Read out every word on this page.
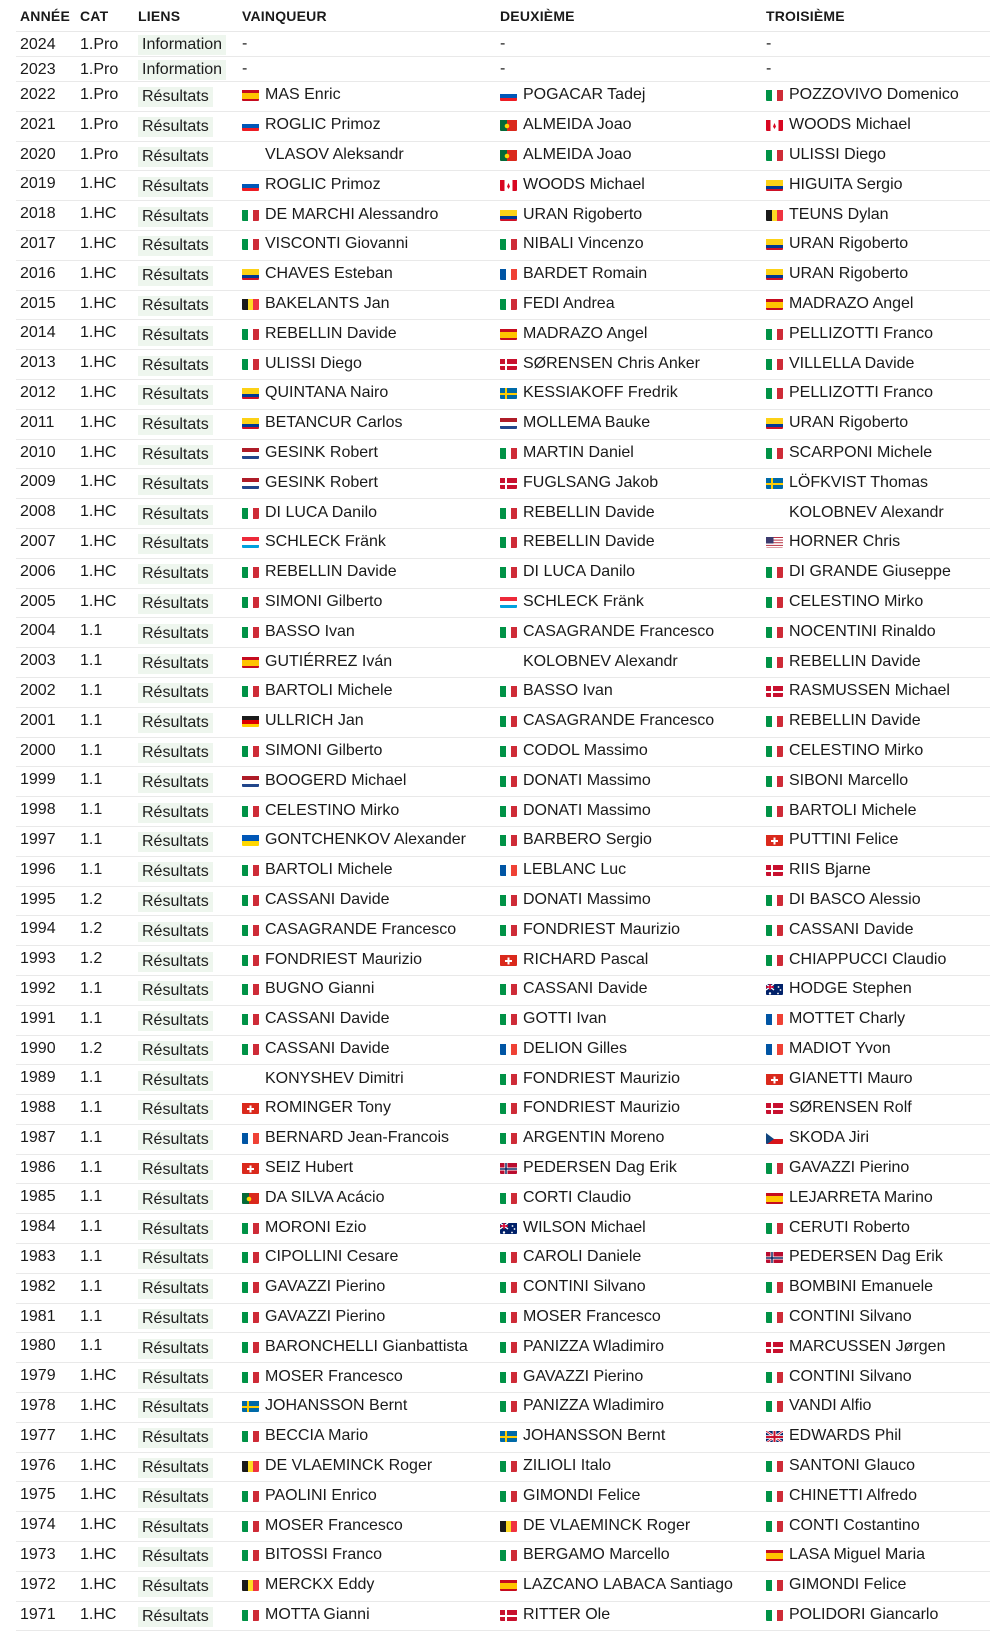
ANNÉE	CAT	LIENS	VAINQUEUR	DEUXIÈME	TROISIÈME
2024	1.Pro	Information	-	-	-

2023	1.Pro	Information	-	-	-

2022	1.Pro	Résultats	MAS Enric	POGACAR Tadej	POZZOVIVO Domenico

2021	1.Pro	Résultats	ROGLIC Primoz	ALMEIDA Joao	WOODS Michael

2020	1.Pro	Résultats	VLASOV Aleksandr	ALMEIDA Joao	ULISSI Diego

2019	1.HC	Résultats	ROGLIC Primoz	WOODS Michael	HIGUITA Sergio

2018	1.HC	Résultats	DE MARCHI Alessandro	URAN Rigoberto	TEUNS Dylan

2017	1.HC	Résultats	VISCONTI Giovanni	NIBALI Vincenzo	URAN Rigoberto

2016	1.HC	Résultats	CHAVES Esteban	BARDET Romain	URAN Rigoberto

2015	1.HC	Résultats	BAKELANTS Jan	FEDI Andrea	MADRAZO Angel

2014	1.HC	Résultats	REBELLIN Davide	MADRAZO Angel	PELLIZOTTI Franco

2013	1.HC	Résultats	ULISSI Diego	SØRENSEN Chris Anker	VILLELLA Davide

2012	1.HC	Résultats	QUINTANA Nairo	KESSIAKOFF Fredrik	PELLIZOTTI Franco

2011	1.HC	Résultats	BETANCUR Carlos	MOLLEMA Bauke	URAN Rigoberto

2010	1.HC	Résultats	GESINK Robert	MARTIN Daniel	SCARPONI Michele

2009	1.HC	Résultats	GESINK Robert	FUGLSANG Jakob	LÖFKVIST Thomas

2008	1.HC	Résultats	DI LUCA Danilo	REBELLIN Davide	KOLOBNEV Alexandr

2007	1.HC	Résultats	SCHLECK Fränk	REBELLIN Davide	HORNER Chris

2006	1.HC	Résultats	REBELLIN Davide	DI LUCA Danilo	DI GRANDE Giuseppe

2005	1.HC	Résultats	SIMONI Gilberto	SCHLECK Fränk	CELESTINO Mirko

2004	1.1	Résultats	BASSO Ivan	CASAGRANDE Francesco	NOCENTINI Rinaldo

2003	1.1	Résultats	GUTIÉRREZ Iván	KOLOBNEV Alexandr	REBELLIN Davide

2002	1.1	Résultats	BARTOLI Michele	BASSO Ivan	RASMUSSEN Michael

2001	1.1	Résultats	ULLRICH Jan	CASAGRANDE Francesco	REBELLIN Davide

2000	1.1	Résultats	SIMONI Gilberto	CODOL Massimo	CELESTINO Mirko

1999	1.1	Résultats	BOOGERD Michael	DONATI Massimo	SIBONI Marcello

1998	1.1	Résultats	CELESTINO Mirko	DONATI Massimo	BARTOLI Michele

1997	1.1	Résultats	GONTCHENKOV Alexander	BARBERO Sergio	PUTTINI Felice

1996	1.1	Résultats	BARTOLI Michele	LEBLANC Luc	RIIS Bjarne

1995	1.2	Résultats	CASSANI Davide	DONATI Massimo	DI BASCO Alessio

1994	1.2	Résultats	CASAGRANDE Francesco	FONDRIEST Maurizio	CASSANI Davide

1993	1.2	Résultats	FONDRIEST Maurizio	RICHARD Pascal	CHIAPPUCCI Claudio

1992	1.1	Résultats	BUGNO Gianni	CASSANI Davide	HODGE Stephen

1991	1.1	Résultats	CASSANI Davide	GOTTI Ivan	MOTTET Charly

1990	1.2	Résultats	CASSANI Davide	DELION Gilles	MADIOT Yvon

1989	1.1	Résultats	KONYSHEV Dimitri	FONDRIEST Maurizio	GIANETTI Mauro

1988	1.1	Résultats	ROMINGER Tony	FONDRIEST Maurizio	SØRENSEN Rolf

1987	1.1	Résultats	BERNARD Jean-Francois	ARGENTIN Moreno	SKODA Jiri

1986	1.1	Résultats	SEIZ Hubert	PEDERSEN Dag Erik	GAVAZZI Pierino

1985	1.1	Résultats	DA SILVA Acácio	CORTI Claudio	LEJARRETA Marino

1984	1.1	Résultats	MORONI Ezio	WILSON Michael	CERUTI Roberto

1983	1.1	Résultats	CIPOLLINI Cesare	CAROLI Daniele	PEDERSEN Dag Erik

1982	1.1	Résultats	GAVAZZI Pierino	CONTINI Silvano	BOMBINI Emanuele

1981	1.1	Résultats	GAVAZZI Pierino	MOSER Francesco	CONTINI Silvano

1980	1.1	Résultats	BARONCHELLI Gianbattista	PANIZZA Wladimiro	MARCUSSEN Jørgen

1979	1.HC	Résultats	MOSER Francesco	GAVAZZI Pierino	CONTINI Silvano

1978	1.HC	Résultats	JOHANSSON Bernt	PANIZZA Wladimiro	VANDI Alfio

1977	1.HC	Résultats	BECCIA Mario	JOHANSSON Bernt	EDWARDS Phil

1976	1.HC	Résultats	DE VLAEMINCK Roger	ZILIOLI Italo	SANTONI Glauco

1975	1.HC	Résultats	PAOLINI Enrico	GIMONDI Felice	CHINETTI Alfredo

1974	1.HC	Résultats	MOSER Francesco	DE VLAEMINCK Roger	CONTI Costantino

1973	1.HC	Résultats	BITOSSI Franco	BERGAMO Marcello	LASA Miguel Maria

1972	1.HC	Résultats	MERCKX Eddy	LAZCANO LABACA Santiago	GIMONDI Felice

1971	1.HC	Résultats	MOTTA Gianni	RITTER Ole	POLIDORI Giancarlo
